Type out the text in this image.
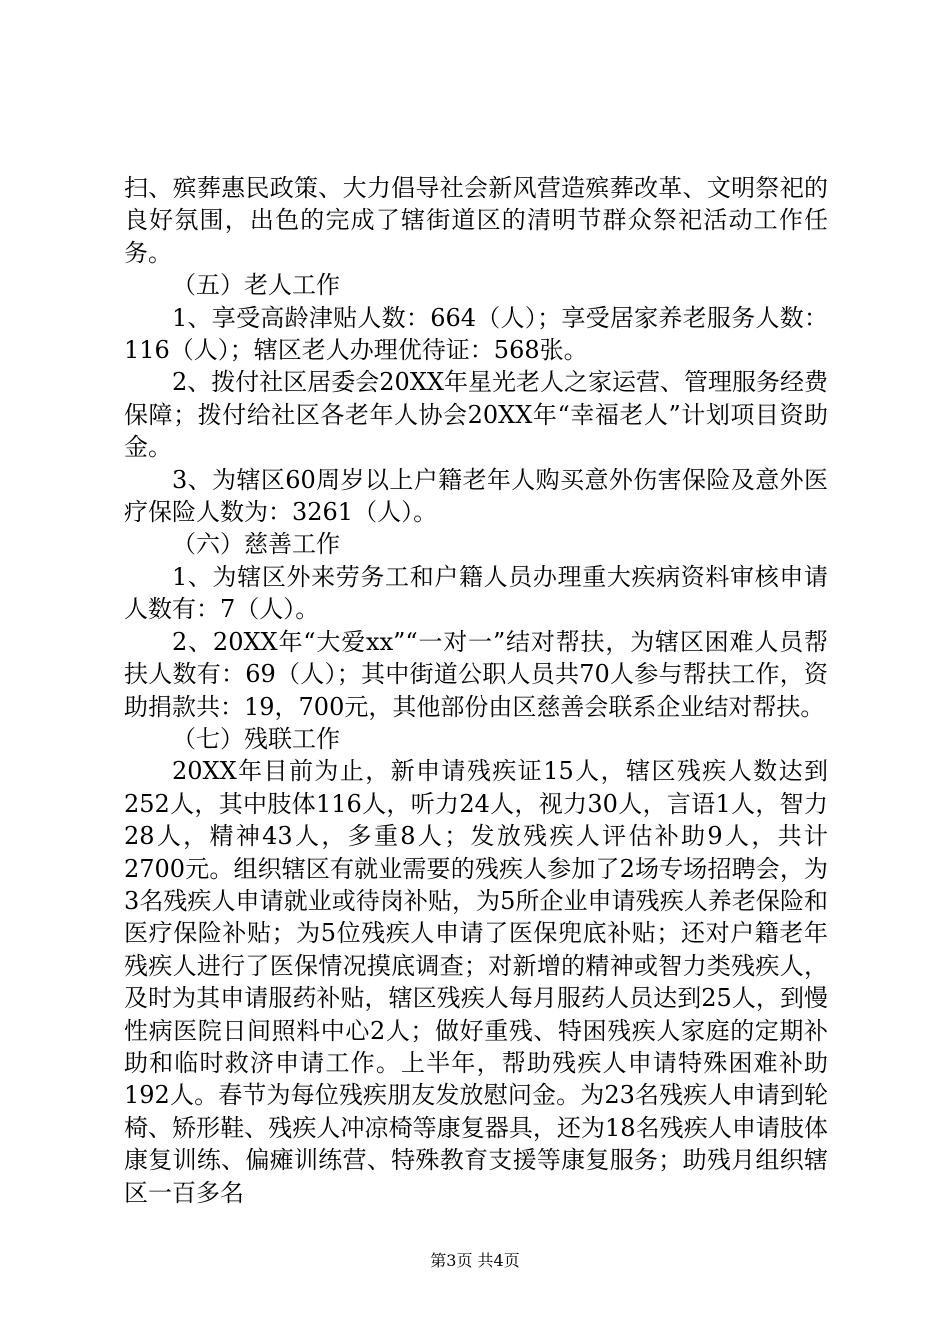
扫、殡葬惠民政策、大力倡导社会新风营造殡葬改革、文明祭祀的良好氛围，出色的完成了辖街道区的清明节群众祭祀活动工作任务。

（五）老人工作

1、享受高龄津贴人数：664（人）；享受居家养老服务人数：116（人）；辖区老人办理优待证：568张。

2、拨付社区居委会20XX年星光老人之家运营、管理服务经费保障；拨付给社区各老年人协会20XX年“幸福老人”计划项目资助金。

3、为辖区60周岁以上户籍老年人购买意外伤害保险及意外医疗保险人数为：3261（人）。

（六）慈善工作

1、为辖区外来劳务工和户籍人员办理重大疾病资料审核申请人数有：7（人）。

2、20XX年“大爱xx”“一对一”结对帮扶，为辖区困难人员帮扶人数有：69（人）；其中街道公职人员共70人参与帮扶工作，资助捐款共：19，700元，其他部份由区慈善会联系企业结对帮扶。

（七）残联工作

20XX年目前为止，新申请残疾证15人，辖区残疾人数达到252人，其中肢体116人，听力24人，视力30人，言语1人，智力28人，精神43人，多重8人；发放残疾人评估补助9人，共计2700元。组织辖区有就业需要的残疾人参加了2场专场招聘会，为3名残疾人申请就业或待岗补贴，为5所企业申请残疾人养老保险和医疗保险补贴；为5位残疾人申请了医保兜底补贴；还对户籍老年残疾人进行了医保情况摸底调查；对新增的精神或智力类残疾人，及时为其申请服药补贴，辖区残疾人每月服药人员达到25人，到慢性病医院日间照料中心2人；做好重残、特困残疾人家庭的定期补助和临时救济申请工作。上半年，帮助残疾人申请特殊困难补助192人。春节为每位残疾朋友发放慰问金。为23名残疾人申请到轮椅、矫形鞋、残疾人冲凉椅等康复器具，还为18名残疾人申请肢体康复训练、偏瘫训练营、特殊教育支援等康复服务；助残月组织辖区一百多名

第3页 共4页
